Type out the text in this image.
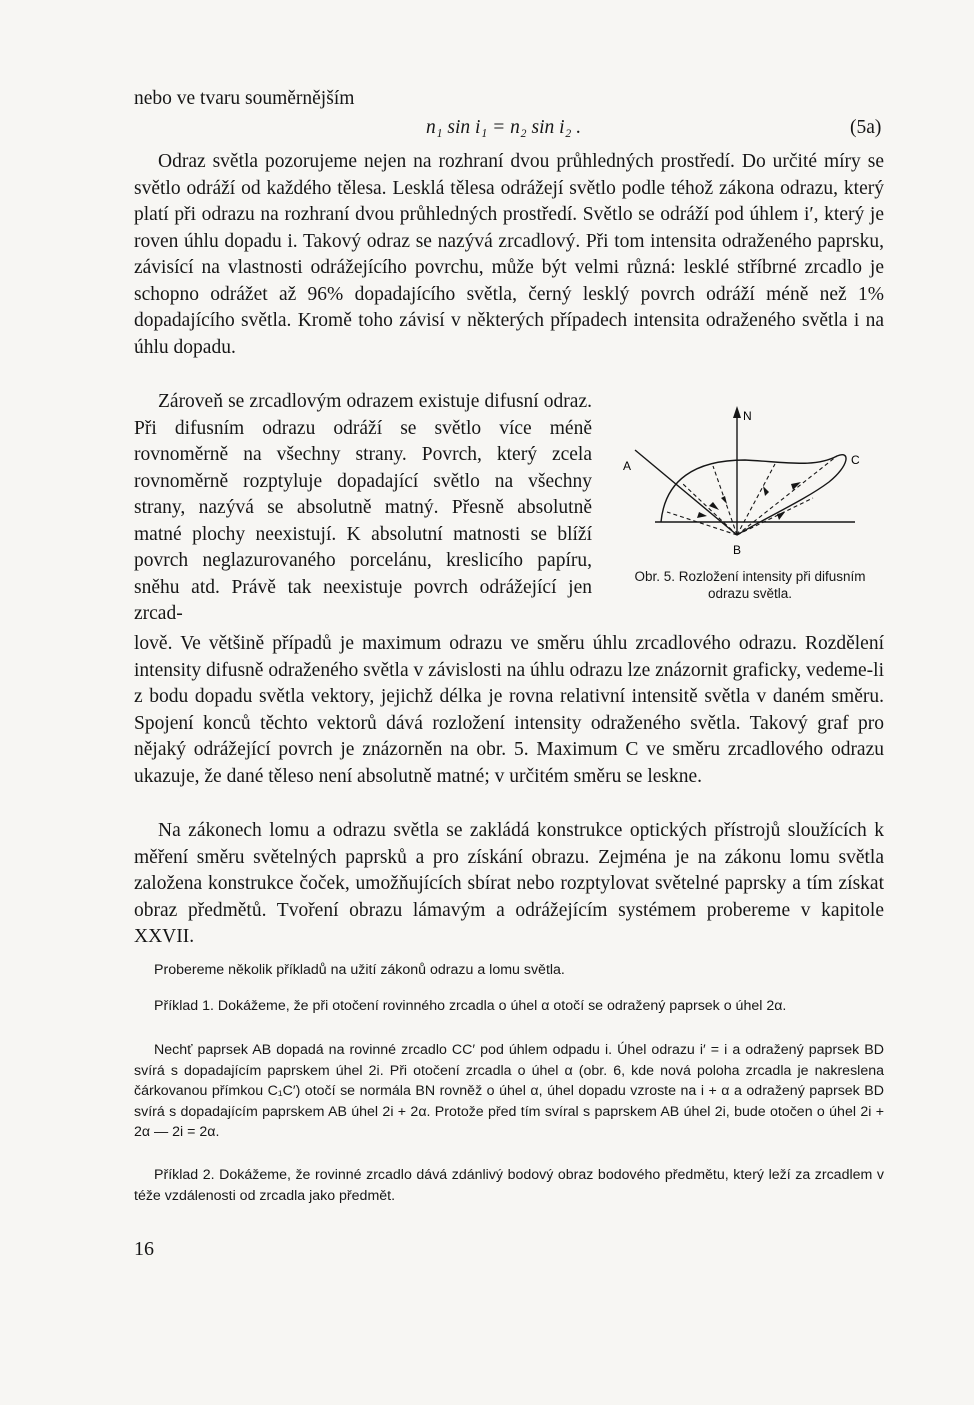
nebo ve tvaru souměrnějším

n₁ sin i₁ = n₂ sin i₂ .	(5a)

Odraz světla pozorujeme nejen na rozhraní dvou průhledných prostředí. Do určité míry se světlo odráží od každého tělesa. Lesklá tělesa odrážejí světlo podle téhož zákona odrazu, který platí při odrazu na rozhraní dvou průhledných prostředí. Světlo se odráží pod úhlem i′, který je roven úhlu dopadu i. Takový odraz se nazývá zrcadlový. Při tom intensita odraženého paprsku, závisící na vlastnosti odrážejícího povrchu, může být velmi různá: lesklé stříbrné zrcadlo je schopno odrážet až 96% dopadajícího světla, černý lesklý povrch odráží méně než 1% dopadajícího světla. Kromě toho závisí v některých případech intensita odraženého světla i na úhlu dopadu.

Zároveň se zrcadlovým odrazem existuje difusní odraz. Při difusním odrazu odráží se světlo více méně rovnoměrně na všechny strany. Povrch, který zcela rovnoměrně rozptyluje dopadající světlo na všechny strany, nazývá se absolutně matný. Přesně absolutně matné plochy neexistují. K absolutní matnosti se blíží povrch neglazurovaného porcelánu, kreslicího papíru, sněhu atd. Právě tak neexistuje povrch odrážející jen zrcad-

N
A
B
C

Obr. 5. Rozložení intensity při difusním odrazu světla.

lově. Ve většině případů je maximum odrazu ve směru úhlu zrcadlového odrazu. Rozdělení intensity difusně odraženého světla v závislosti na úhlu odrazu lze znázornit graficky, vedeme-li z bodu dopadu světla vektory, jejichž délka je rovna relativní intensitě světla v daném směru. Spojení konců těchto vektorů dává rozložení intensity odraženého světla. Takový graf pro nějaký odrážející povrch je znázorněn na obr. 5. Maximum C ve směru zrcadlového odrazu ukazuje, že dané těleso není absolutně matné; v určitém směru se leskne.

Na zákonech lomu a odrazu světla se zakládá konstrukce optických přístrojů sloužících k měření směru světelných paprsků a pro získání obrazu. Zejména je na zákonu lomu světla založena konstrukce čoček, umožňujících sbírat nebo rozptylovat světelné paprsky a tím získat obraz předmětů. Tvoření obrazu lámavým a odrážejícím systémem probereme v kapitole XXVII.

Probereme několik příkladů na užití zákonů odrazu a lomu světla.

Příklad 1. Dokážeme, že při otočení rovinného zrcadla o úhel α otočí se odražený paprsek o úhel 2α.

Nechť paprsek AB dopadá na rovinné zrcadlo CC′ pod úhlem odpadu i. Úhel odrazu i′ = i a odražený paprsek BD svírá s dopadajícím paprskem úhel 2i. Při otočení zrcadla o úhel α (obr. 6, kde nová poloha zrcadla je nakreslena čárkovanou přímkou C₁C′) otočí se normála BN rovněž o úhel α, úhel dopadu vzroste na i + α a odražený paprsek BD svírá s dopadajícím paprskem AB úhel 2i + 2α. Protože před tím svíral s paprskem AB úhel 2i, bude otočen o úhel 2i + 2α — 2i = 2α.

Příklad 2. Dokážeme, že rovinné zrcadlo dává zdánlivý bodový obraz bodového předmětu, který leží za zrcadlem v téže vzdálenosti od zrcadla jako předmět.

16
